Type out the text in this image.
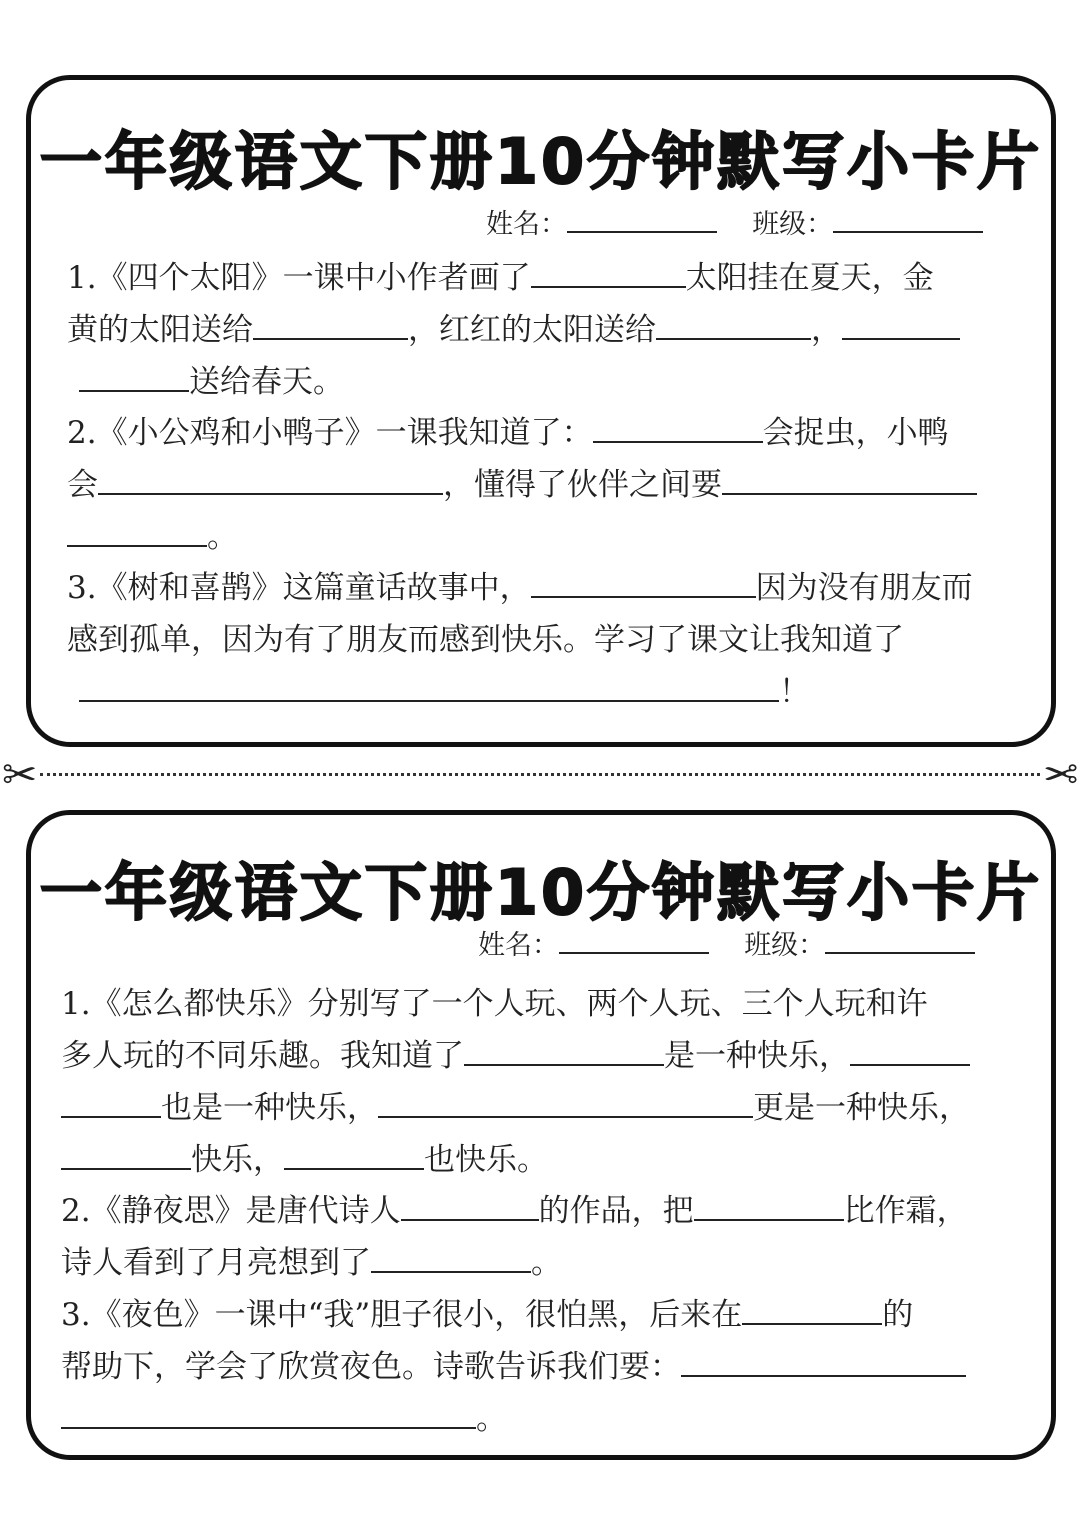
一年级语文下册10分钟默写小卡片
姓名：	班级：
1.《四个太阳》一课中小作者画了	太阳挂在夏天，金
黄的太阳送给	，红红的太阳送给	，
送给春天。
2.《小公鸡和小鸭子》一课我知道了：	会捉虫，小鸭
会	，懂得了伙伴之间要
。
3.《树和喜鹊》这篇童话故事中，	因为没有朋友而
感到孤单，因为有了朋友而感到快乐。学习了课文让我知道了
！
✂	✂
一年级语文下册10分钟默写小卡片
姓名：	班级：
1.《怎么都快乐》分别写了一个人玩、两个人玩、三个人玩和许
多人玩的不同乐趣。我知道了	是一种快乐，
也是一种快乐，	更是一种快乐，
快乐，	也快乐。
2.《静夜思》是唐代诗人	的作品，把	比作霜，
诗人看到了月亮想到了	。
3.《夜色》一课中“我”胆子很小，很怕黑，后来在	的
帮助下，学会了欣赏夜色。诗歌告诉我们要：
。
